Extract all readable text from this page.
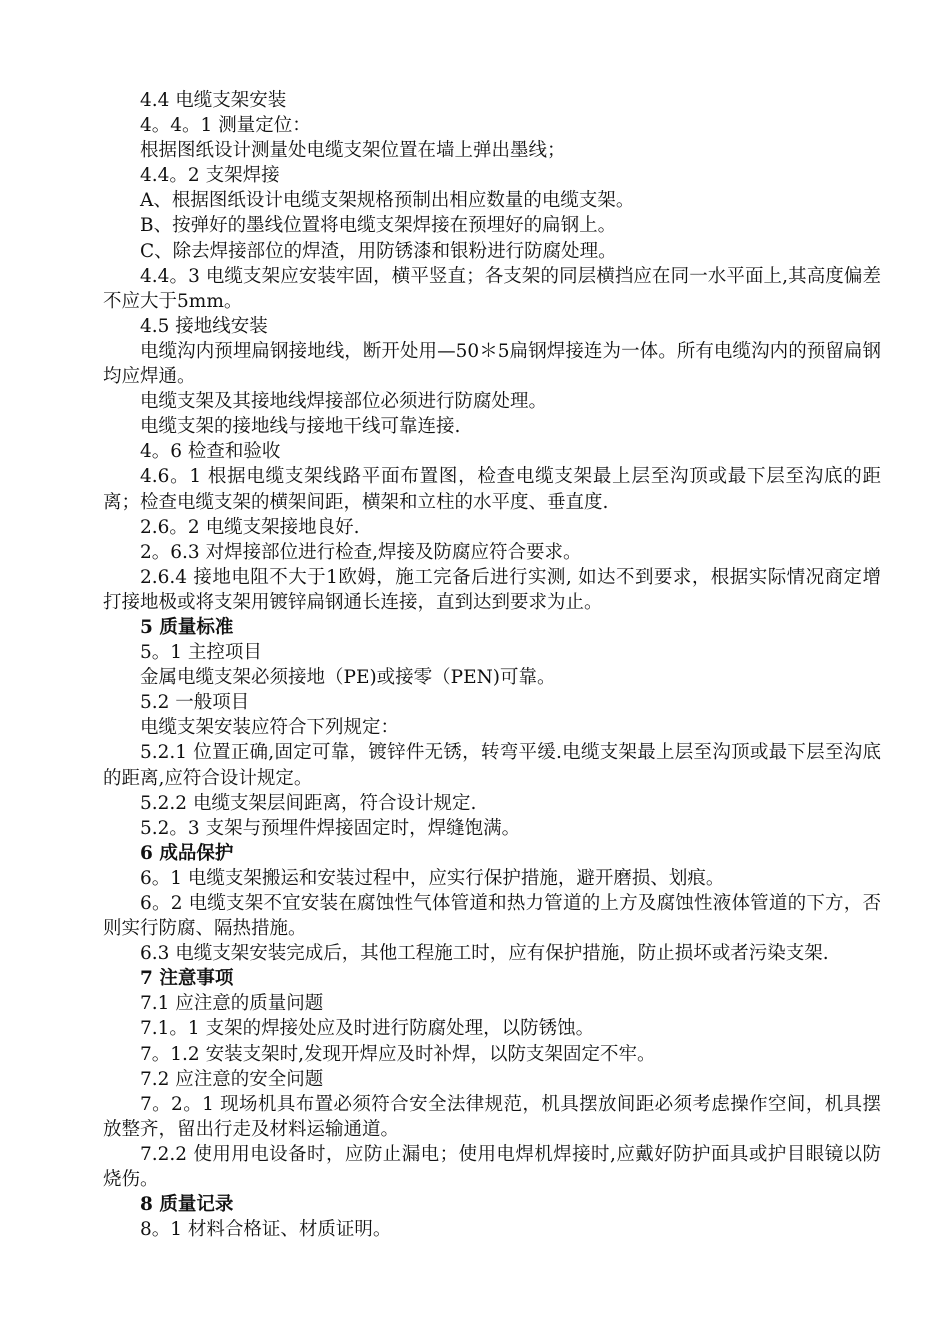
4.4 电缆支架安装

4。4。1 测量定位：

根据图纸设计测量处电缆支架位置在墙上弹出墨线；

4.4。2 支架焊接

A、根据图纸设计电缆支架规格预制出相应数量的电缆支架。

B、按弹好的墨线位置将电缆支架焊接在预埋好的扁钢上。

C、除去焊接部位的焊渣，用防锈漆和银粉进行防腐处理。

4.4。3 电缆支架应安装牢固，横平竖直；各支架的同层横挡应在同一水平面上,其高度偏差不应大于5mm。

4.5 接地线安装

电缆沟内预埋扁钢接地线，断开处用—50＊5扁钢焊接连为一体。所有电缆沟内的预留扁钢均应焊通。

电缆支架及其接地线焊接部位必须进行防腐处理。

电缆支架的接地线与接地干线可靠连接.

4。6 检查和验收

4.6。1 根据电缆支架线路平面布置图，检查电缆支架最上层至沟顶或最下层至沟底的距离；检查电缆支架的横架间距，横架和立柱的水平度、垂直度.

2.6。2 电缆支架接地良好.

2。6.3 对焊接部位进行检查,焊接及防腐应符合要求。

2.6.4 接地电阻不大于1欧姆，施工完备后进行实测, 如达不到要求，根据实际情况商定增打接地极或将支架用镀锌扁钢通长连接，直到达到要求为止。

5 质量标准

5。1 主控项目

金属电缆支架必须接地（PE)或接零（PEN)可靠。

5.2 一般项目

电缆支架安装应符合下列规定：

5.2.1 位置正确,固定可靠，镀锌件无锈，转弯平缓.电缆支架最上层至沟顶或最下层至沟底的距离,应符合设计规定。

5.2.2 电缆支架层间距离，符合设计规定.

5.2。3 支架与预埋件焊接固定时，焊缝饱满。

6 成品保护

6。1 电缆支架搬运和安装过程中，应实行保护措施，避开磨损、划痕。

6。2 电缆支架不宜安装在腐蚀性气体管道和热力管道的上方及腐蚀性液体管道的下方，否则实行防腐、隔热措施。

6.3 电缆支架安装完成后，其他工程施工时，应有保护措施，防止损坏或者污染支架.

7 注意事项

7.1 应注意的质量问题

7.1。1 支架的焊接处应及时进行防腐处理，以防锈蚀。

7。1.2 安装支架时,发现开焊应及时补焊，以防支架固定不牢。

7.2 应注意的安全问题

7。2。1 现场机具布置必须符合安全法律规范，机具摆放间距必须考虑操作空间，机具摆放整齐，留出行走及材料运输通道。

7.2.2 使用用电设备时，应防止漏电；使用电焊机焊接时,应戴好防护面具或护目眼镜以防烧伤。

8 质量记录

8。1 材料合格证、材质证明。
